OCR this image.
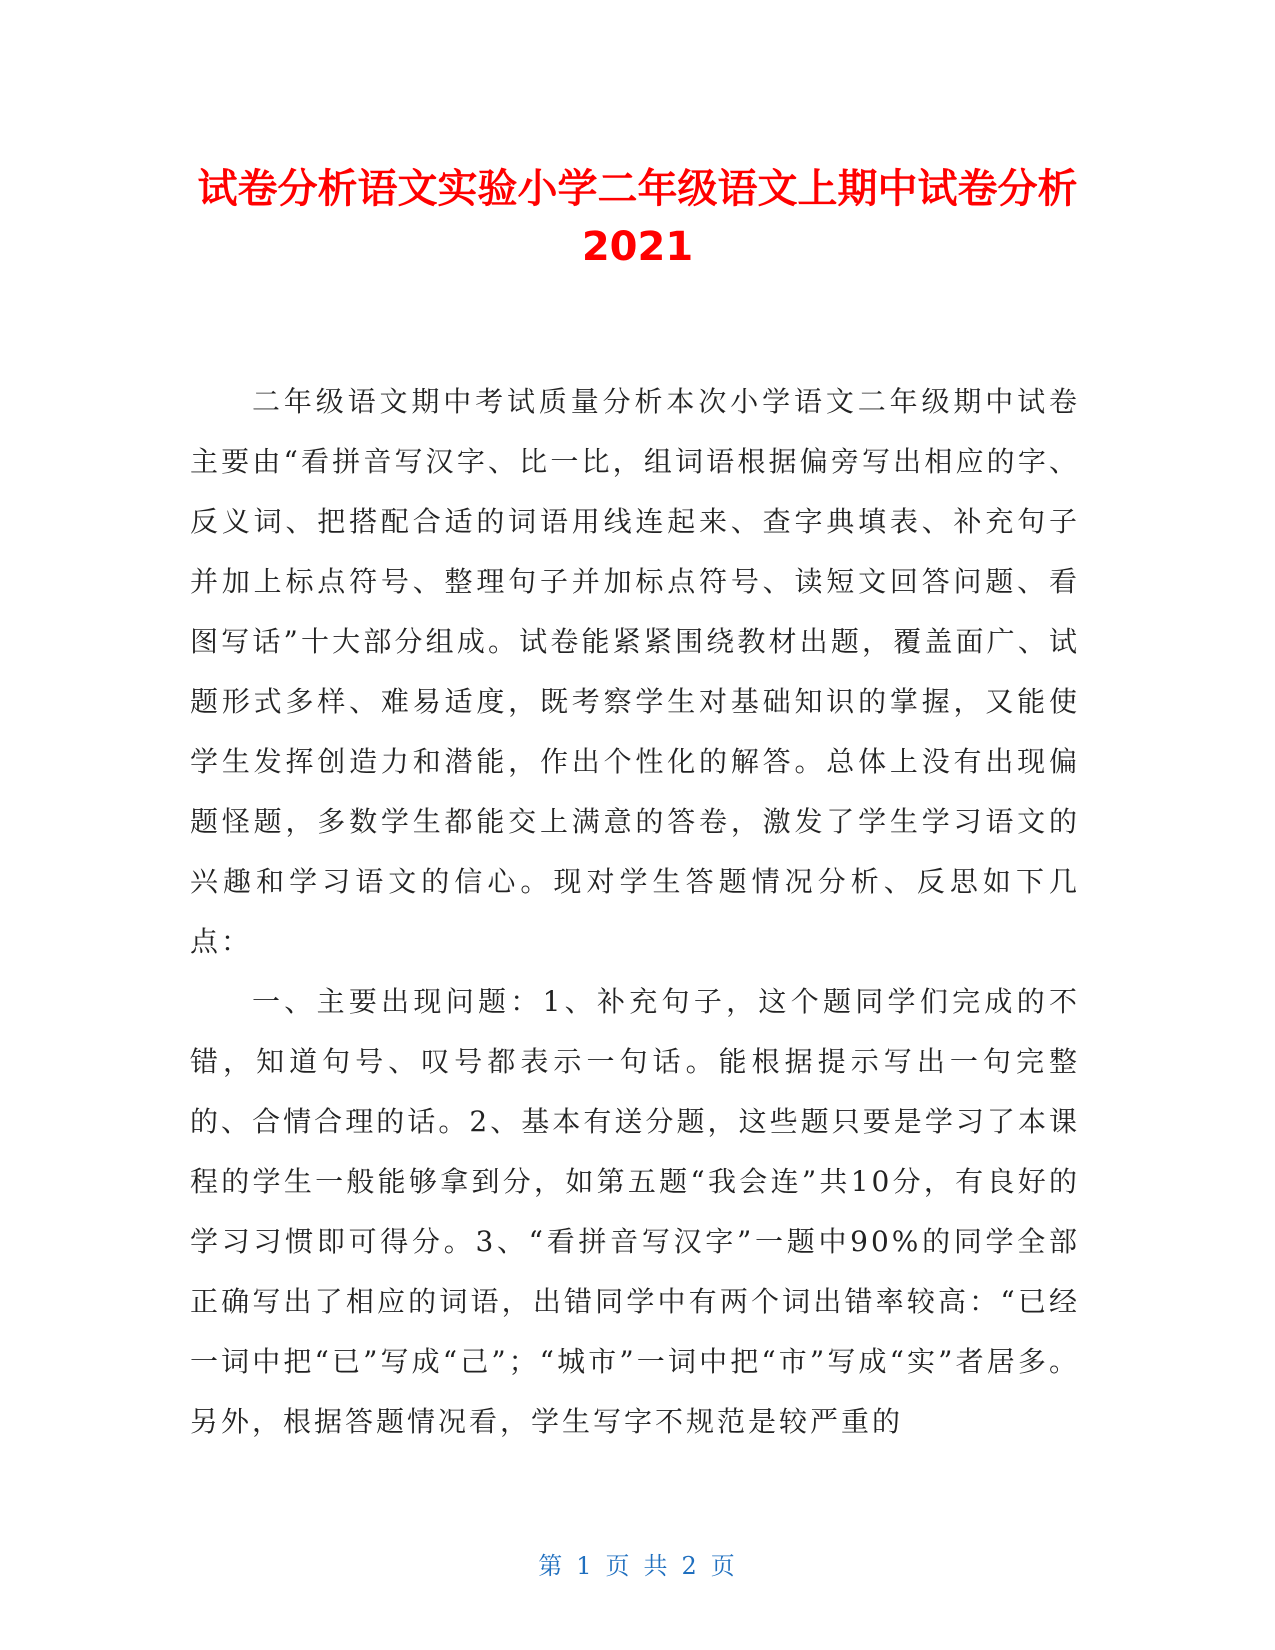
试卷分析语文实验小学二年级语文上期中试卷分析2021

二年级语文期中考试质量分析本次小学语文二年级期中试卷主要由“看拼音写汉字、比一比，组词语根据偏旁写出相应的字、反义词、把搭配合适的词语用线连起来、查字典填表、补充句子并加上标点符号、整理句子并加标点符号、读短文回答问题、看图写话”十大部分组成。试卷能紧紧围绕教材出题，覆盖面广、试题形式多样、难易适度，既考察学生对基础知识的掌握，又能使学生发挥创造力和潜能，作出个性化的解答。总体上没有出现偏题怪题，多数学生都能交上满意的答卷，激发了学生学习语文的兴趣和学习语文的信心。现对学生答题情况分析、反思如下几点：

一、主要出现问题：1、补充句子，这个题同学们完成的不错，知道句号、叹号都表示一句话。能根据提示写出一句完整的、合情合理的话。2、基本有送分题，这些题只要是学习了本课程的学生一般能够拿到分，如第五题“我会连”共10分，有良好的学习习惯即可得分。3、“看拼音写汉字”一题中90%的同学全部正确写出了相应的词语，出错同学中有两个词出错率较高：“已经一词中把“已”写成“己”；“城市”一词中把“市”写成“实”者居多。另外，根据答题情况看，学生写字不规范是较严重的

第 1 页 共 2 页
